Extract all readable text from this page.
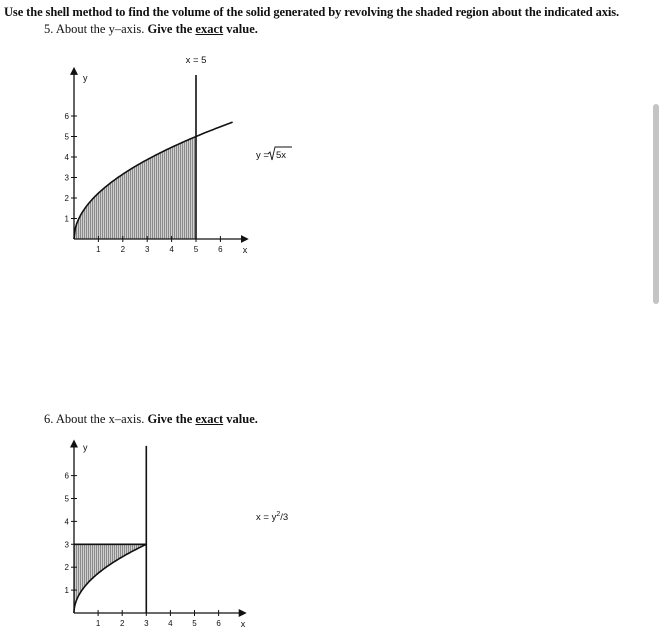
Use the shell method to find the volume of the solid generated by revolving the shaded region about the indicated axis.

5. About the y–axis. Give the exact value.

1 2 3 4 5 6
1
2
3
4
5
6
x
y
x = 5
y = 5x

6. About the x–axis. Give the exact value.

1 2 3 4 5 6
1
2
3
4
5
6
x
y
$x = y^2/3$
